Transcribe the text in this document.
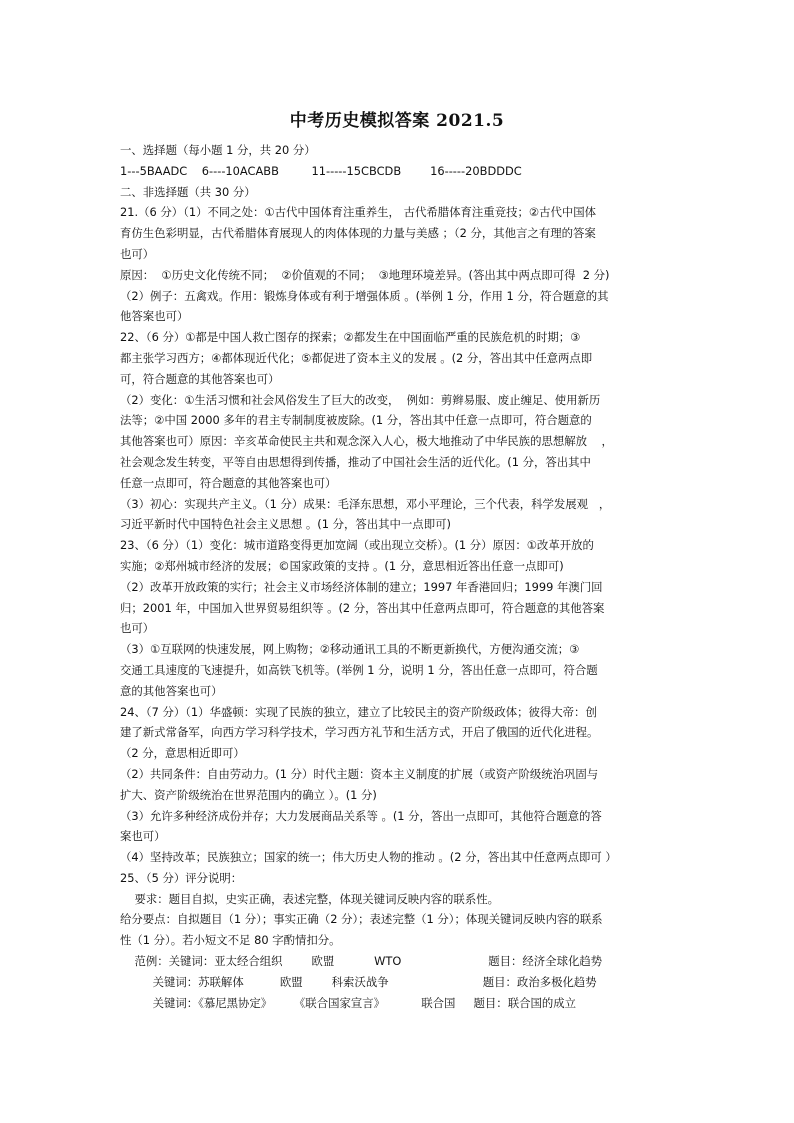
中考历史模拟答案 2021.5
一、选择题（每小题 1 分，共 20 分）
1---5BAADC    6----10ACABB         11-----15CBCDB        16-----20BDDDC
二、非选择题（共 30 分）
21.（6 分）（1）不同之处：①古代中国体育注重养生， 古代希腊体育注重竞技；②古代中国体
育仿生色彩明显，古代希腊体育展现人的肉体体现的力量与美感 ；（2 分，其他言之有理的答案
也可）
原因：  ①历史文化传统不同；  ②价值观的不同；  ③地理环境差异。(答出其中两点即可得  2 分)
（2）例子：五禽戏。作用：锻炼身体或有利于增强体质 。(举例 1 分，作用 1 分，符合题意的其
他答案也可）
22、（6 分）①都是中国人救亡图存的探索；②都发生在中国面临严重的民族危机的时期；③
都主张学习西方；④都体现近代化；⑤都促进了资本主义的发展 。(2 分，答出其中任意两点即
可，符合题意的其他答案也可）
（2）变化：①生活习惯和社会风俗发生了巨大的改变，  例如：剪辫易服、废止缠足、使用新历
法等；②中国 2000 多年的君主专制制度被废除。(1 分，答出其中任意一点即可，符合题意的
其他答案也可）原因：辛亥革命使民主共和观念深入人心，极大地推动了中华民族的思想解放    ，
社会观念发生转变，平等自由思想得到传播，推动了中国社会生活的近代化。(1 分，答出其中
任意一点即可，符合题意的其他答案也可）
（3）初心：实现共产主义。（1 分）成果：毛泽东思想，邓小平理论，三个代表，科学发展观   ，
习近平新时代中国特色社会主义思想 。(1 分，答出其中一点即可)
23、（6 分）（1）变化：城市道路变得更加宽阔（或出现立交桥）。(1 分）原因：①改革开放的
实施；②郑州城市经济的发展；©国家政策的支持 。(1 分，意思相近答出任意一点即可)
（2）改革开放政策的实行；社会主义市场经济体制的建立；1997 年香港回归；1999 年澳门回
归；2001 年，中国加入世界贸易组织等 。(2 分，答出其中任意两点即可，符合题意的其他答案
也可）
（3）①互联网的快速发展，网上购物；②移动通讯工具的不断更新换代，方便沟通交流；③
交通工具速度的飞速提升，如高铁飞机等。(举例 1 分，说明 1 分，答出任意一点即可，符合题
意的其他答案也可）
24、（7 分）（1）华盛顿：实现了民族的独立，建立了比较民主的资产阶级政体；彼得大帝：创
建了新式常备军，向西方学习科学技术，学习西方礼节和生活方式，开启了俄国的近代化进程。
（2 分，意思相近即可）
（2）共同条件：自由劳动力。(1 分）时代主题：资本主义制度的扩展（或资产阶级统治巩固与
扩大、资产阶级统治在世界范围内的确立 ）。(1 分)
（3）允许多种经济成份并存；大力发展商品关系等 。(1 分，答出一点即可，其他符合题意的答
案也可）
（4）坚持改革；民族独立；国家的统一；伟大历史人物的推动 。(2 分，答出其中任意两点即可 ）
25、（5 分）评分说明：
要求：题目自拟，史实正确，表述完整，体现关键词反映内容的联系性。
给分要点：自拟题目（1 分）；事实正确（2 分）；表述完整（1 分）；体现关键词反映内容的联系
性（1 分）。若小短文不足 80 字酌情扣分。
范例：关键词：亚太经合组织        欧盟           WTO                        题目：经济全球化趋势
关键词：苏联解体          欧盟        科索沃战争                          题目：政治多极化趋势
关键词：《慕尼黑协定》      《联合国家宣言》          联合国     题目：联合国的成立
